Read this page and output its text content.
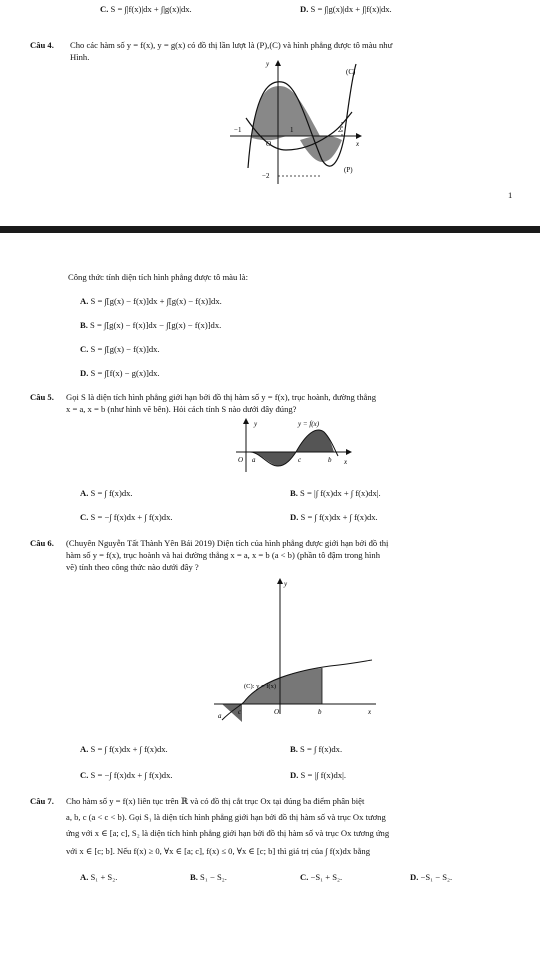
C. S = ∫|f(x)|dx + ∫|g(x)|dx.	D. S = ∫|g(x)|dx + ∫|f(x)|dx.
Câu 4. Cho các hàm số y = f(x), y = g(x) có đồ thị lần lượt là (P),(C) và hình phẳng được tô màu như
Hình.
y
x
(C)
(P)
−1
O
1	2
−2
1
Công thức tính diện tích hình phẳng được tô màu là:
A. S = ∫[g(x) − f(x)]dx + ∫[g(x) − f(x)]dx.
B. S = ∫[g(x) − f(x)]dx − ∫[g(x) − f(x)]dx.
C. S = ∫[g(x) − f(x)]dx.
D. S = ∫[f(x) − g(x)]dx.
Câu 5. Gọi S là diện tích hình phẳng giới hạn bởi đồ thị hàm số y = f(x), trục hoành, đường thẳng
x = a, x = b (như hình vẽ bên). Hỏi cách tính S nào dưới đây đúng?
y	y = f(x)
O a	c	b x
A. S = ∫ f(x)dx.	B. S = |∫ f(x)dx + ∫ f(x)dx|.
C. S = −∫ f(x)dx + ∫ f(x)dx.	D. S = ∫ f(x)dx + ∫ f(x)dx.
Câu 6. (Chuyên Nguyễn Tất Thành Yên Bái 2019) Diện tích của hình phẳng được giới hạn bởi đồ thị
hàm số y = f(x), trục hoành và hai đường thẳng x = a, x = b (a < b) (phần tô đậm trong hình
vẽ) tính theo công thức nào dưới đây ?
y
(C): y = f(x)
a c	O	b	x
A. S = ∫ f(x)dx + ∫ f(x)dx.	B. S = ∫ f(x)dx.
C. S = −∫ f(x)dx + ∫ f(x)dx.	D. S = |∫ f(x)dx|.
Câu 7. Cho hàm số y = f(x) liên tục trên ℝ và có đồ thị cắt trục Ox tại đúng ba điểm phân biệt
a, b, c (a < c < b). Gọi S₁ là diện tích hình phẳng giới hạn bởi đồ thị hàm số và trục Ox tương
ứng với x ∈ [a; c], S₂ là diện tích hình phẳng giới hạn bởi đồ thị hàm số và trục Ox tương ứng
với x ∈ [c; b]. Nếu f(x) ≥ 0, ∀x ∈ [a; c], f(x) ≤ 0, ∀x ∈ [c; b] thì giá trị của ∫ f(x)dx bằng
A. S₁ + S₂.	B. S₁ − S₂.	C. −S₁ + S₂.	D. −S₁ − S₂.
